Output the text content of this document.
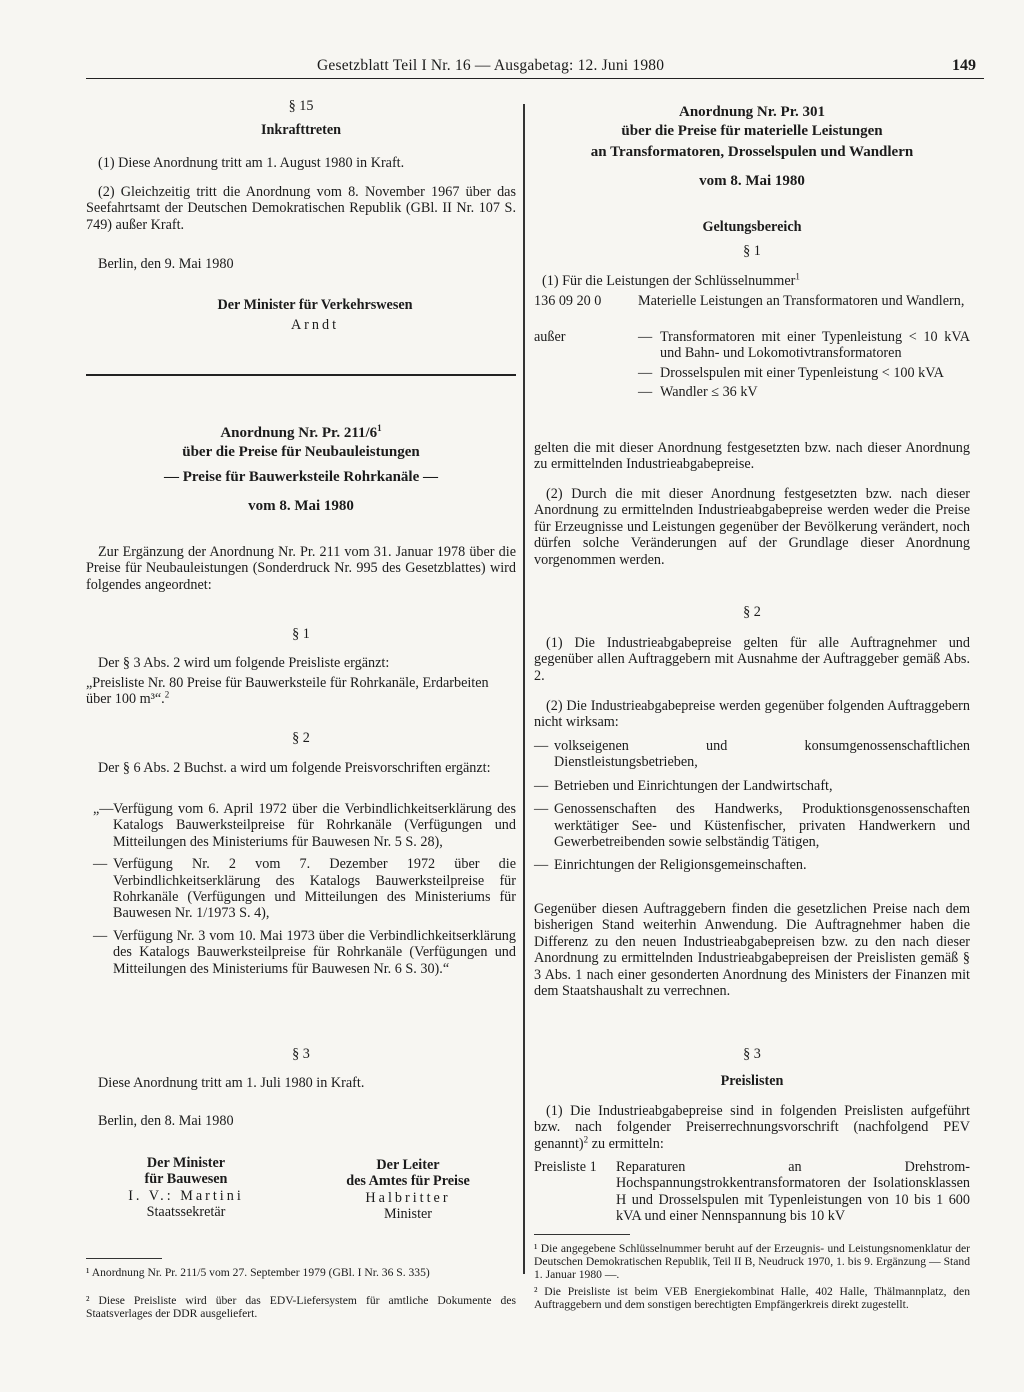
Gesetzblatt Teil I Nr. 16 — Ausgabetag: 12. Juni 1980	149
§ 15
Inkrafttreten
(1) Diese Anordnung tritt am 1. August 1980 in Kraft.
(2) Gleichzeitig tritt die Anordnung vom 8. November 1967 über das Seefahrtsamt der Deutschen Demokratischen Republik (GBl. II Nr. 107 S. 749) außer Kraft.
Berlin, den 9. Mai 1980
Der Minister für Verkehrswesen
Arndt
Anordnung Nr. Pr. $211/6^1$
über die Preise für Neubauleistungen
— Preise für Bauwerksteile Rohrkanäle —
vom 8. Mai 1980
Zur Ergänzung der Anordnung Nr. Pr. 211 vom 31. Januar 1978 über die Preise für Neubauleistungen (Sonderdruck Nr. 995 des Gesetzblattes) wird folgendes angeordnet:
§ 1
Der § 3 Abs. 2 wird um folgende Preisliste ergänzt:
„Preisliste Nr. 80 Preise für Bauwerksteile für Rohrkanäle, Erdarbeiten über 100 m³“.$^2$
§ 2
Der § 6 Abs. 2 Buchst. a wird um folgende Preisvorschriften ergänzt:
„— Verfügung vom 6. April 1972 über die Verbindlichkeitserklärung des Katalogs Bauwerksteilpreise für Rohrkanäle (Verfügungen und Mitteilungen des Ministeriums für Bauwesen Nr. 5 S. 28),
— Verfügung Nr. 2 vom 7. Dezember 1972 über die Verbindlichkeitserklärung des Katalogs Bauwerksteilpreise für Rohrkanäle (Verfügungen und Mitteilungen des Ministeriums für Bauwesen Nr. 1/1973 S. 4),
— Verfügung Nr. 3 vom 10. Mai 1973 über die Verbindlichkeitserklärung des Katalogs Bauwerksteilpreise für Rohrkanäle (Verfügungen und Mitteilungen des Ministeriums für Bauwesen Nr. 6 S. 30).“
§ 3
Diese Anordnung tritt am 1. Juli 1980 in Kraft.
Berlin, den 8. Mai 1980
Der Minister
für Bauwesen
I. V.: Martini
Staatssekretär
Der Leiter
des Amtes für Preise
Halbritter
Minister
¹ Anordnung Nr. Pr. 211/5 vom 27. September 1979 (GBl. I Nr. 36 S. 335)
² Diese Preisliste wird über das EDV-Liefersystem für amtliche Dokumente des Staatsverlages der DDR ausgeliefert.
Anordnung Nr. Pr. 301
über die Preise für materielle Leistungen
an Transformatoren, Drosselspulen und Wandlern
vom 8. Mai 1980
Geltungsbereich
§ 1
(1) Für die Leistungen der Schlüsselnummer$^1$
136 09 20 0	Materielle Leistungen an Transformatoren und Wandlern,
außer	— Transformatoren mit einer Typenleistung < 10 kVA und Bahn- und Lokomotivtransformatoren
— Drosselspulen mit einer Typenleistung < 100 kVA
— Wandler ≤ 36 kV
gelten die mit dieser Anordnung festgesetzten bzw. nach dieser Anordnung zu ermittelnden Industrieabgabepreise.
(2) Durch die mit dieser Anordnung festgesetzten bzw. nach dieser Anordnung zu ermittelnden Industrieabgabepreise werden weder die Preise für Erzeugnisse und Leistungen gegenüber der Bevölkerung verändert, noch dürfen solche Veränderungen auf der Grundlage dieser Anordnung vorgenommen werden.
§ 2
(1) Die Industrieabgabepreise gelten für alle Auftragnehmer und gegenüber allen Auftraggebern mit Ausnahme der Auftraggeber gemäß Abs. 2.
(2) Die Industrieabgabepreise werden gegenüber folgenden Auftraggebern nicht wirksam:
— volkseigenen und konsumgenossenschaftlichen Dienstleistungsbetrieben,
— Betrieben und Einrichtungen der Landwirtschaft,
— Genossenschaften des Handwerks, Produktionsgenossenschaften werktätiger See- und Küstenfischer, privaten Handwerkern und Gewerbetreibenden sowie selbständig Tätigen,
— Einrichtungen der Religionsgemeinschaften.
Gegenüber diesen Auftraggebern finden die gesetzlichen Preise nach dem bisherigen Stand weiterhin Anwendung. Die Auftragnehmer haben die Differenz zu den neuen Industrieabgabepreisen bzw. zu den nach dieser Anordnung zu ermittelnden Industrieabgabepreisen der Preislisten gemäß § 3 Abs. 1 nach einer gesonderten Anordnung des Ministers der Finanzen mit dem Staatshaushalt zu verrechnen.
§ 3
Preislisten
(1) Die Industrieabgabepreise sind in folgenden Preislisten aufgeführt bzw. nach folgender Preiserrechnungsvorschrift (nachfolgend PEV genannt)$^2$ zu ermitteln:
Preisliste 1 Reparaturen an Drehstrom-Hochspannungstrokkentransformatoren der Isolationsklassen H und Drosselspulen mit Typenleistungen von 10 bis 1 600 kVA und einer Nennspannung bis 10 kV
¹ Die angegebene Schlüsselnummer beruht auf der Erzeugnis- und Leistungsnomenklatur der Deutschen Demokratischen Republik, Teil II B, Neudruck 1970, 1. bis 9. Ergänzung — Stand 1. Januar 1980 —.
² Die Preisliste ist beim VEB Energiekombinat Halle, 402 Halle, Thälmannplatz, den Auftraggebern und dem sonstigen berechtigten Empfängerkreis direkt zugestellt.
